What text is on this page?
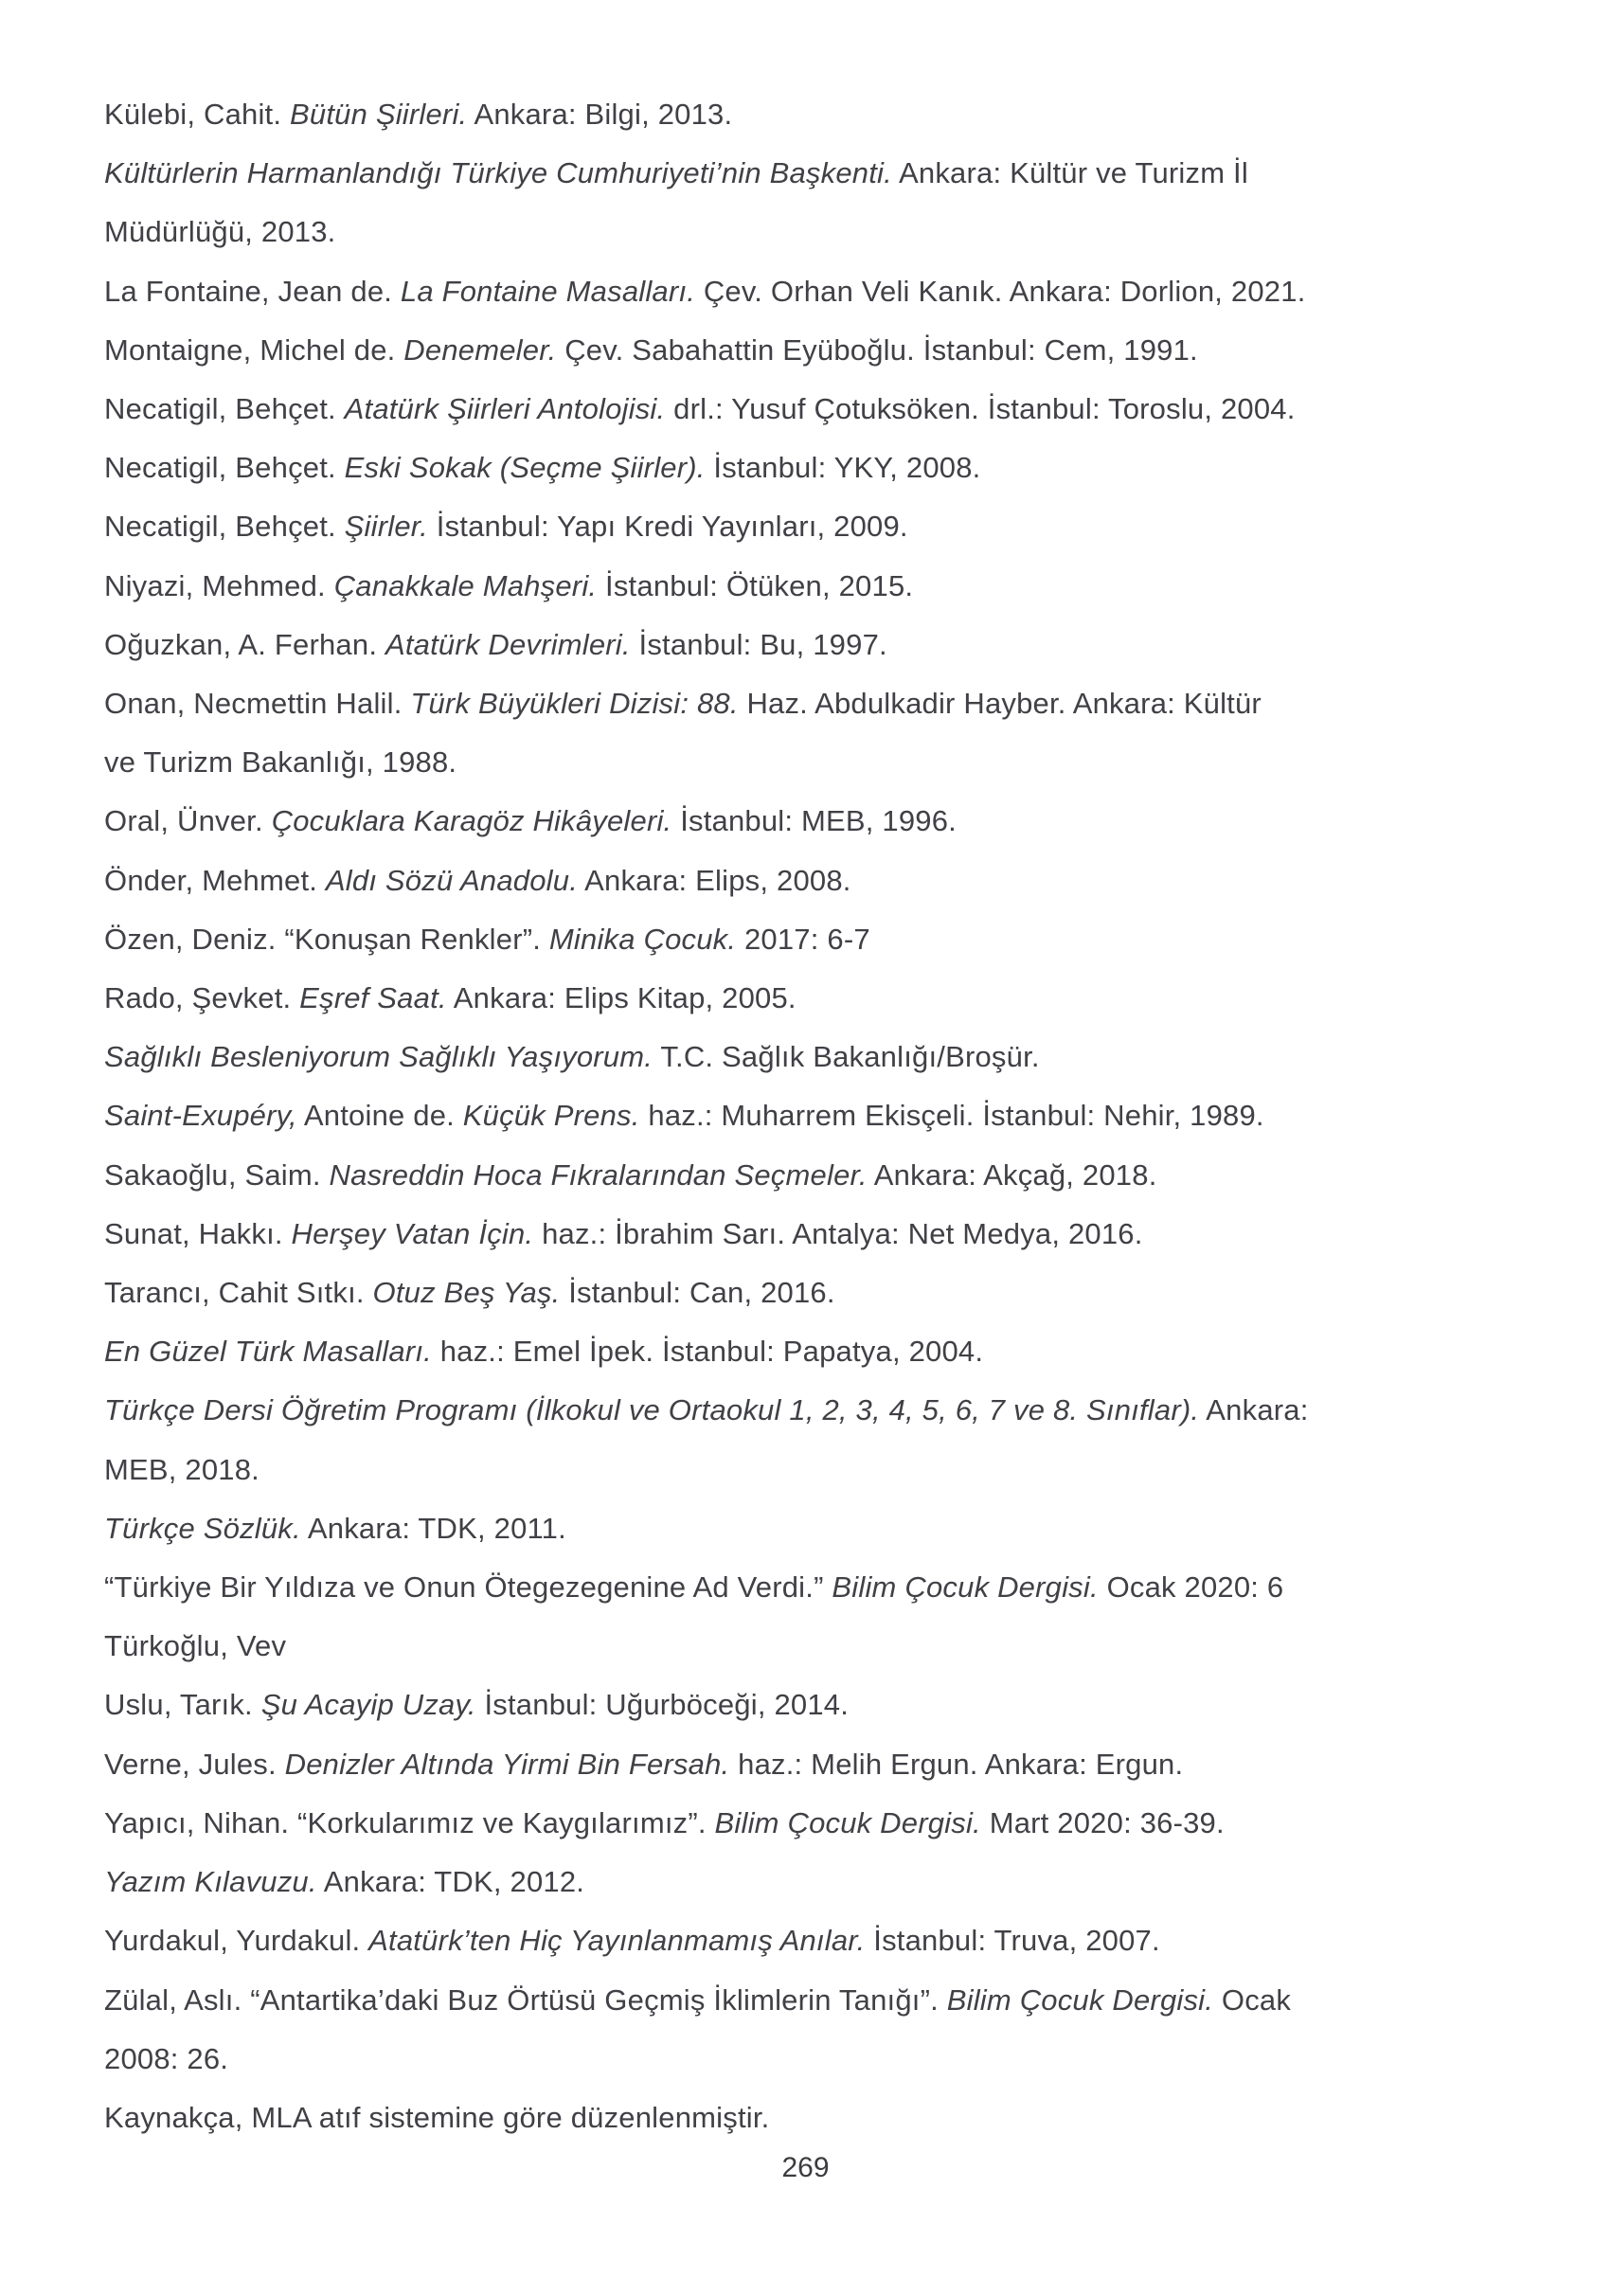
Külebi, Cahit. Bütün Şiirleri. Ankara: Bilgi, 2013.
Kültürlerin Harmanlandığı Türkiye Cumhuriyeti’nin Başkenti. Ankara: Kültür ve Turizm İl
Müdürlüğü, 2013.
La Fontaine, Jean de. La Fontaine Masalları. Çev. Orhan Veli Kanık. Ankara: Dorlion, 2021.
Montaigne, Michel de. Denemeler. Çev. Sabahattin Eyüboğlu. İstanbul: Cem, 1991.
Necatigil, Behçet. Atatürk Şiirleri Antolojisi. drl.: Yusuf Çotuksöken. İstanbul: Toroslu, 2004.
Necatigil, Behçet. Eski Sokak (Seçme Şiirler). İstanbul: YKY, 2008.
Necatigil, Behçet. Şiirler. İstanbul: Yapı Kredi Yayınları, 2009.
Niyazi, Mehmed. Çanakkale Mahşeri. İstanbul: Ötüken, 2015.
Oğuzkan, A. Ferhan. Atatürk Devrimleri. İstanbul: Bu, 1997.
Onan, Necmettin Halil. Türk Büyükleri Dizisi: 88. Haz. Abdulkadir Hayber. Ankara: Kültür
ve Turizm Bakanlığı, 1988.
Oral, Ünver. Çocuklara Karagöz Hikâyeleri. İstanbul: MEB, 1996.
Önder, Mehmet. Aldı Sözü Anadolu. Ankara: Elips, 2008.
Özen, Deniz. “Konuşan Renkler”. Minika Çocuk. 2017: 6-7
Rado, Şevket. Eşref Saat. Ankara: Elips Kitap, 2005.
Sağlıklı Besleniyorum Sağlıklı Yaşıyorum. T.C. Sağlık Bakanlığı/Broşür.
Saint-Exupéry, Antoine de. Küçük Prens. haz.: Muharrem Ekisçeli. İstanbul: Nehir, 1989.
Sakaoğlu, Saim. Nasreddin Hoca Fıkralarından Seçmeler. Ankara: Akçağ, 2018.
Sunat, Hakkı. Herşey Vatan İçin. haz.: İbrahim Sarı. Antalya: Net Medya, 2016.
Tarancı, Cahit Sıtkı. Otuz Beş Yaş. İstanbul: Can, 2016.
En Güzel Türk Masalları. haz.: Emel İpek. İstanbul: Papatya, 2004.
Türkçe Dersi Öğretim Programı (İlkokul ve Ortaokul 1, 2, 3, 4, 5, 6, 7 ve 8. Sınıflar). Ankara:
MEB, 2018.
Türkçe Sözlük. Ankara: TDK, 2011.
“Türkiye Bir Yıldıza ve Onun Ötegezegenine Ad Verdi.” Bilim Çocuk Dergisi. Ocak 2020: 6
Türkoğlu, Vev
Uslu, Tarık. Şu Acayip Uzay. İstanbul: Uğurböceği, 2014.
Verne, Jules. Denizler Altında Yirmi Bin Fersah. haz.: Melih Ergun. Ankara: Ergun.
Yapıcı, Nihan. “Korkularımız ve Kaygılarımız”. Bilim Çocuk Dergisi. Mart 2020: 36-39.
Yazım Kılavuzu. Ankara: TDK, 2012.
Yurdakul, Yurdakul. Atatürk’ten Hiç Yayınlanmamış Anılar. İstanbul: Truva, 2007.
Zülal, Aslı. “Antartika’daki Buz Örtüsü Geçmiş İklimlerin Tanığı”. Bilim Çocuk Dergisi. Ocak
2008: 26.
Kaynakça, MLA atıf sistemine göre düzenlenmiştir.
269
